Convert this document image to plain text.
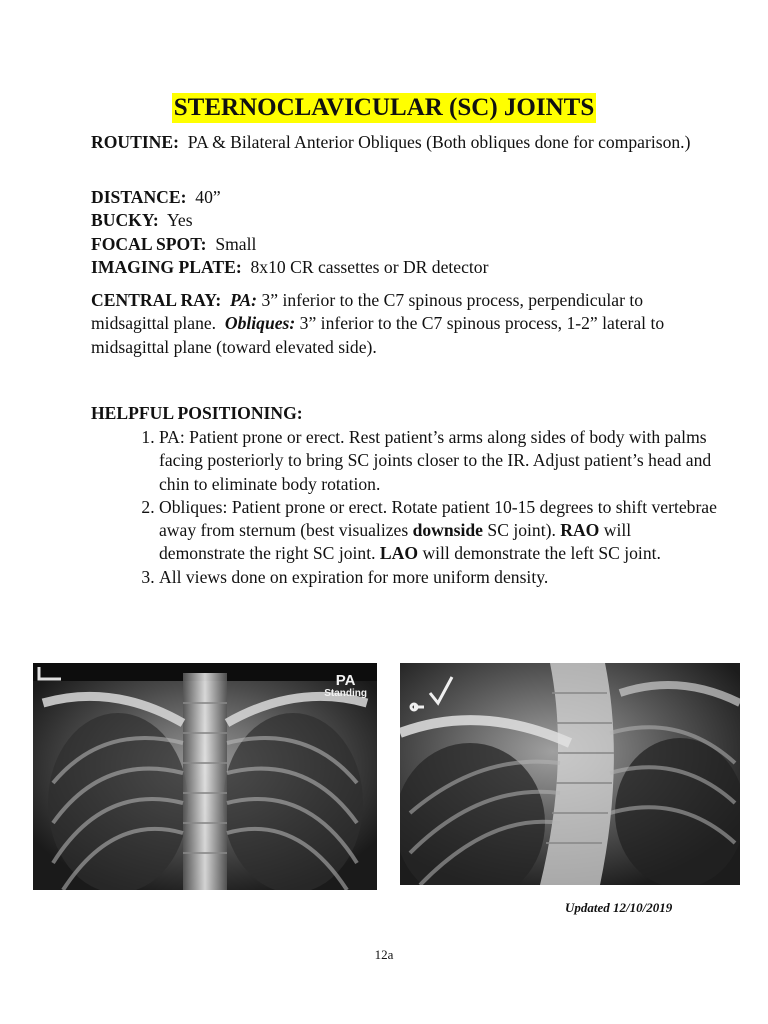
STERNOCLAVICULAR (SC) JOINTS
ROUTINE: PA & Bilateral Anterior Obliques (Both obliques done for comparison.)
DISTANCE: 40”
BUCKY: Yes
FOCAL SPOT: Small
IMAGING PLATE: 8x10 CR cassettes or DR detector
CENTRAL RAY: PA: 3” inferior to the C7 spinous process, perpendicular to midsagittal plane. Obliques: 3” inferior to the C7 spinous process, 1-2” lateral to midsagittal plane (toward elevated side).
HELPFUL POSITIONING:
1. PA: Patient prone or erect. Rest patient’s arms along sides of body with palms facing posteriorly to bring SC joints closer to the IR. Adjust patient’s head and chin to eliminate body rotation.
2. Obliques: Patient prone or erect. Rotate patient 10-15 degrees to shift vertebrae away from sternum (best visualizes downside SC joint). RAO will demonstrate the right SC joint. LAO will demonstrate the left SC joint.
3. All views done on expiration for more uniform density.
PA
Standing
Updated 12/10/2019
12a
